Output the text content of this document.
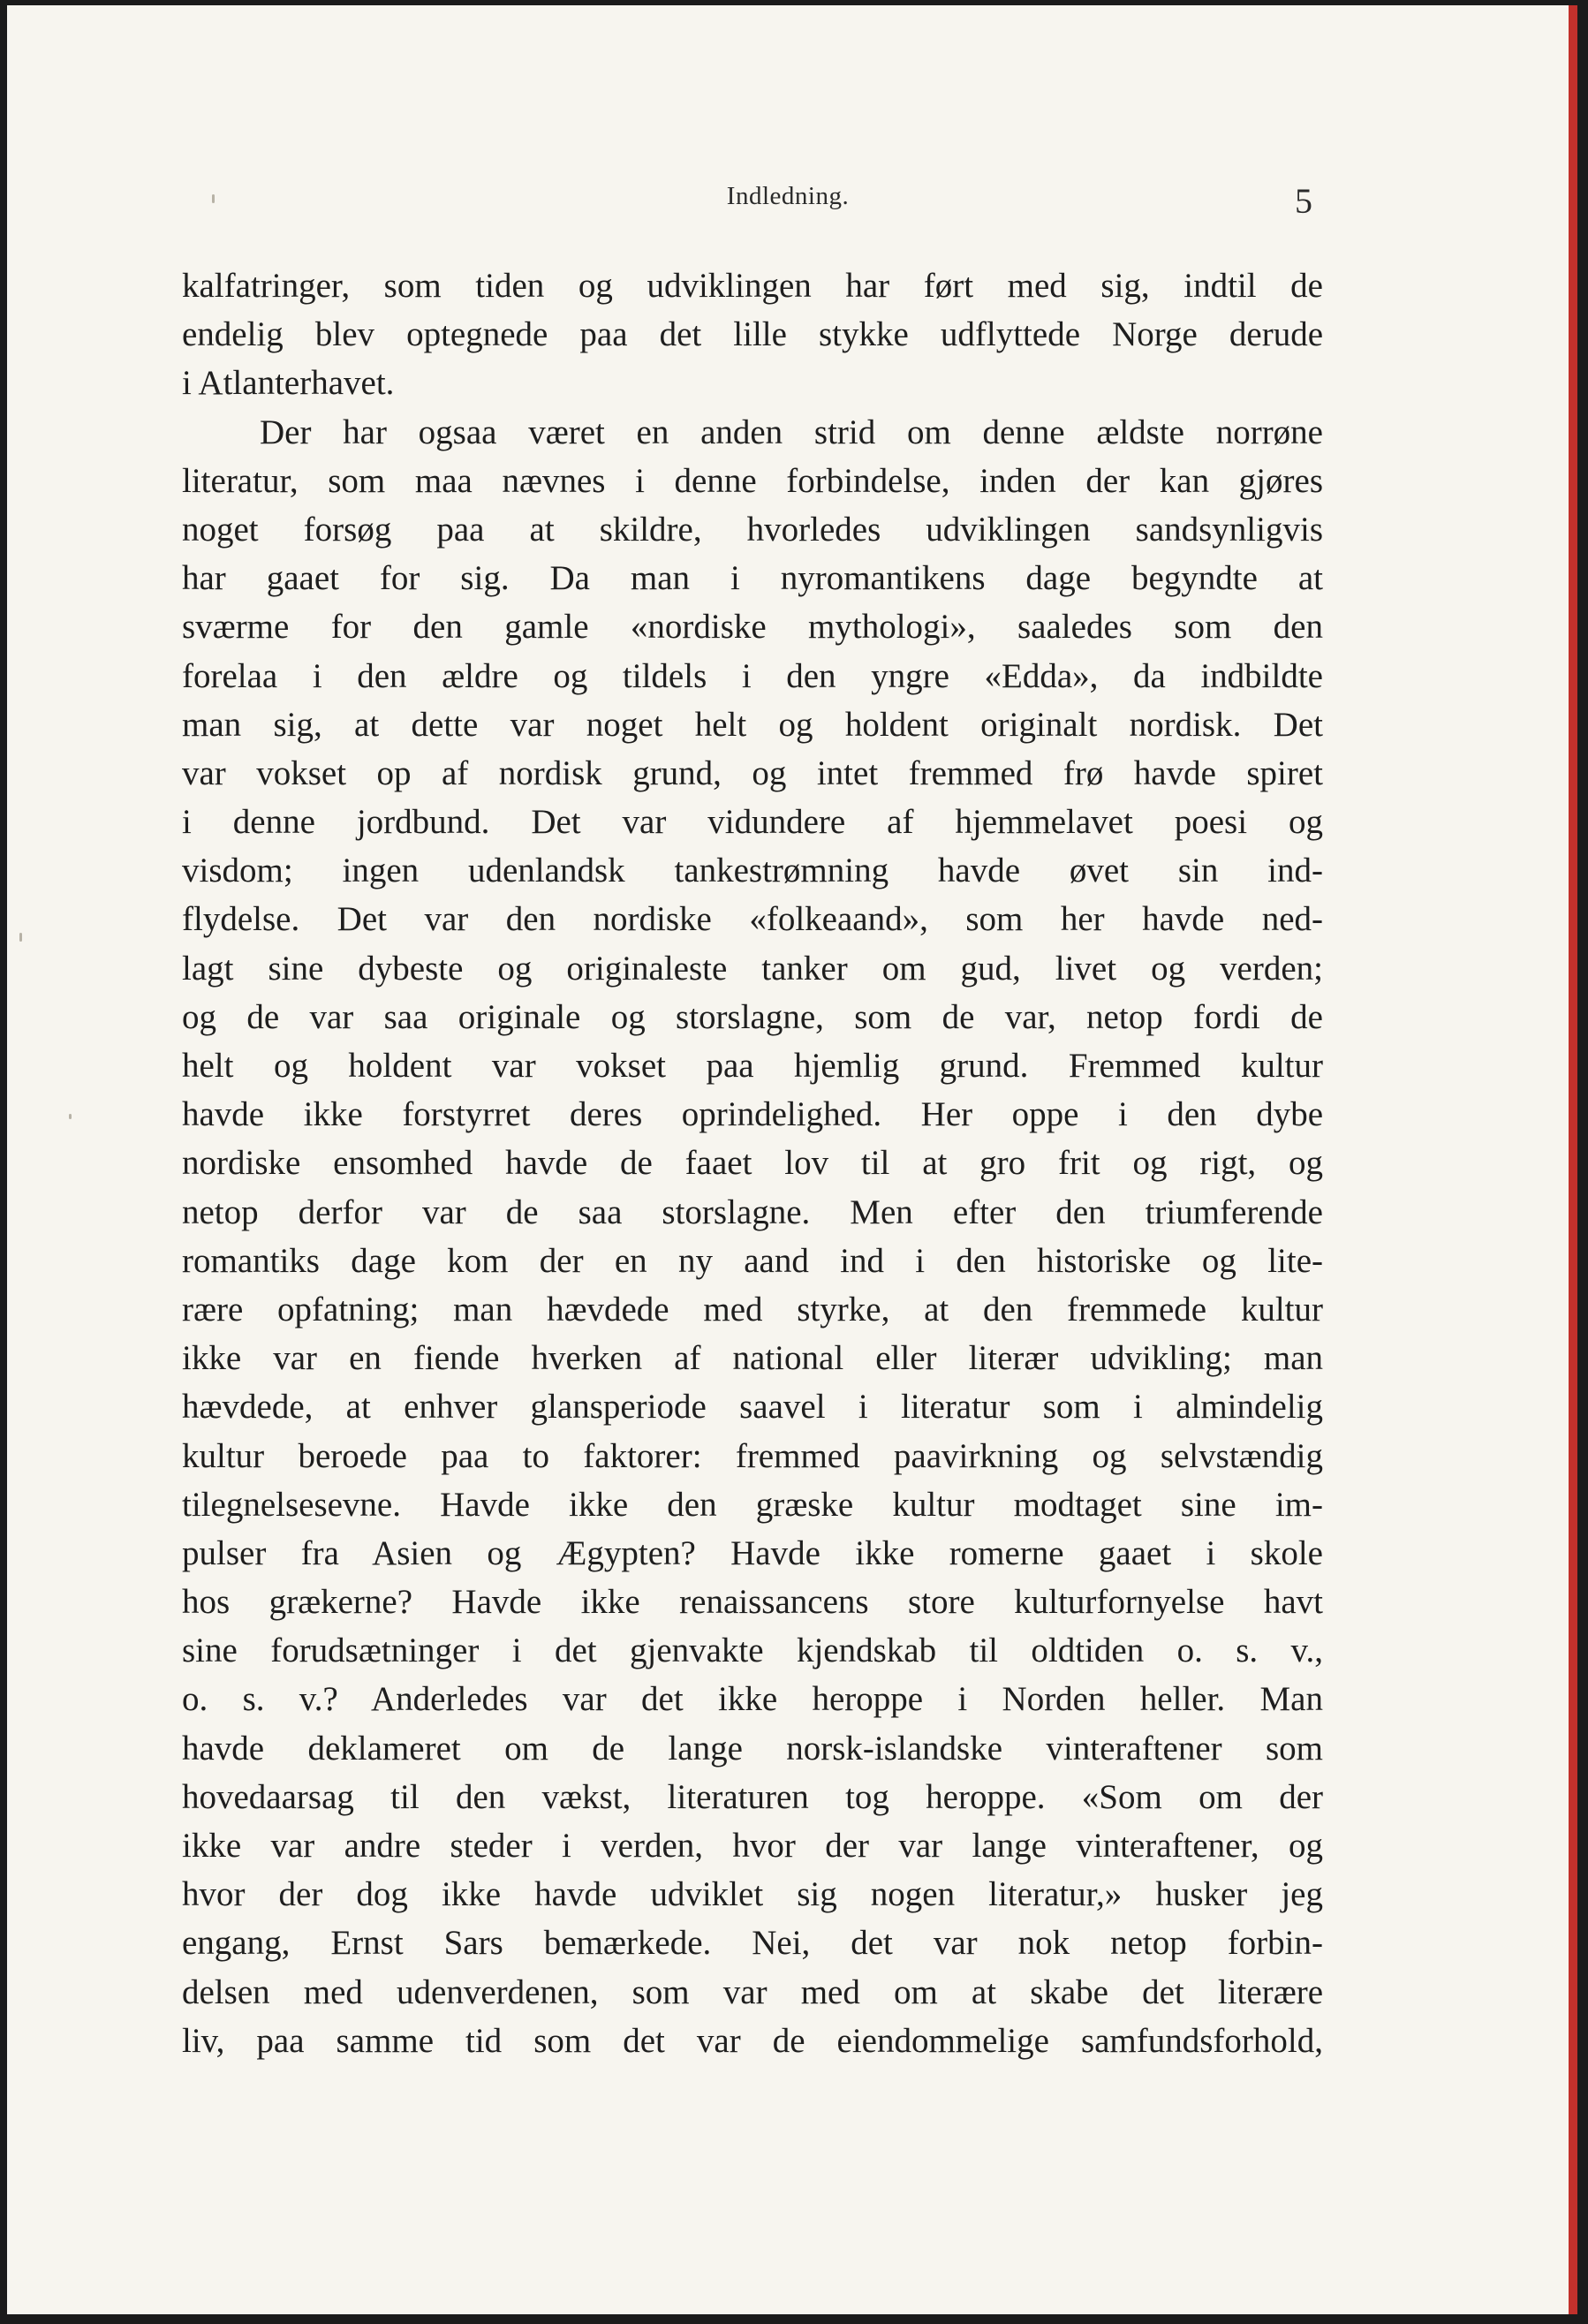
Indledning.	5
kalfatringer, som tiden og udviklingen har ført med sig, indtil de
endelig blev optegnede paa det lille stykke udflyttede Norge derude
i Atlanterhavet.
Der har ogsaa været en anden strid om denne ældste norrøne
literatur, som maa nævnes i denne forbindelse, inden der kan gjøres
noget forsøg paa at skildre, hvorledes udviklingen sandsynligvis
har gaaet for sig. Da man i nyromantikens dage begyndte at
sværme for den gamle «nordiske mythologi», saaledes som den
forelaa i den ældre og tildels i den yngre «Edda», da indbildte
man sig, at dette var noget helt og holdent originalt nordisk. Det
var vokset op af nordisk grund, og intet fremmed frø havde spiret
i denne jordbund. Det var vidundere af hjemmelavet poesi og
visdom; ingen udenlandsk tankestrømning havde øvet sin ind-
flydelse. Det var den nordiske «folkeaand», som her havde ned-
lagt sine dybeste og originaleste tanker om gud, livet og verden;
og de var saa originale og storslagne, som de var, netop fordi de
helt og holdent var vokset paa hjemlig grund. Fremmed kultur
havde ikke forstyrret deres oprindelighed. Her oppe i den dybe
nordiske ensomhed havde de faaet lov til at gro frit og rigt, og
netop derfor var de saa storslagne. Men efter den triumferende
romantiks dage kom der en ny aand ind i den historiske og lite-
rære opfatning; man hævdede med styrke, at den fremmede kultur
ikke var en fiende hverken af national eller literær udvikling; man
hævdede, at enhver glansperiode saavel i literatur som i almindelig
kultur beroede paa to faktorer: fremmed paavirkning og selvstændig
tilegnelsesevne. Havde ikke den græske kultur modtaget sine im-
pulser fra Asien og Ægypten? Havde ikke romerne gaaet i skole
hos grækerne? Havde ikke renaissancens store kulturfornyelse havt
sine forudsætninger i det gjenvakte kjendskab til oldtiden o. s. v.,
o. s. v.? Anderledes var det ikke heroppe i Norden heller. Man
havde deklameret om de lange norsk-islandske vinteraftener som
hovedaarsag til den vækst, literaturen tog heroppe. «Som om der
ikke var andre steder i verden, hvor der var lange vinteraftener, og
hvor der dog ikke havde udviklet sig nogen literatur,» husker jeg
engang, Ernst Sars bemærkede. Nei, det var nok netop forbin-
delsen med udenverdenen, som var med om at skabe det literære
liv, paa samme tid som det var de eiendommelige samfundsforhold,
